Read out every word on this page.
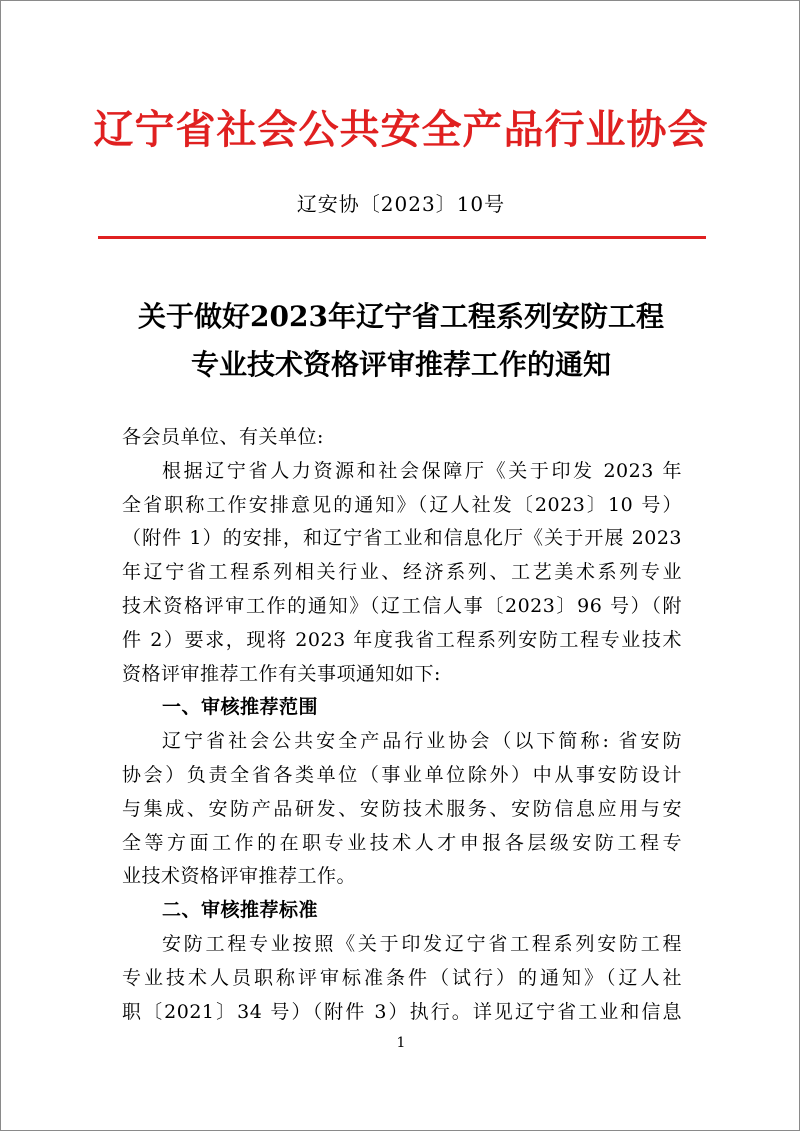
辽宁省社会公共安全产品行业协会
辽安协〔2023〕10号
关于做好2023年辽宁省工程系列安防工程
专业技术资格评审推荐工作的通知
各会员单位、有关单位:
根据辽宁省人力资源和社会保障厅《关于印发 2023 年
全省职称工作安排意见的通知》（辽人社发〔2023〕10 号）
（附件 1）的安排，和辽宁省工业和信息化厅《关于开展 2023
年辽宁省工程系列相关行业、经济系列、工艺美术系列专业
技术资格评审工作的通知》（辽工信人事〔2023〕96 号）（附
件 2）要求，现将 2023 年度我省工程系列安防工程专业技术
资格评审推荐工作有关事项通知如下:
一、审核推荐范围
辽宁省社会公共安全产品行业协会（以下简称: 省安防
协会）负责全省各类单位（事业单位除外）中从事安防设计
与集成、安防产品研发、安防技术服务、安防信息应用与安
全等方面工作的在职专业技术人才申报各层级安防工程专
业技术资格评审推荐工作。
二、审核推荐标准
安防工程专业按照《关于印发辽宁省工程系列安防工程
专业技术人员职称评审标准条件（试行）的通知》（辽人社
职〔2021〕34 号）（附件 3）执行。详见辽宁省工业和信息
1
